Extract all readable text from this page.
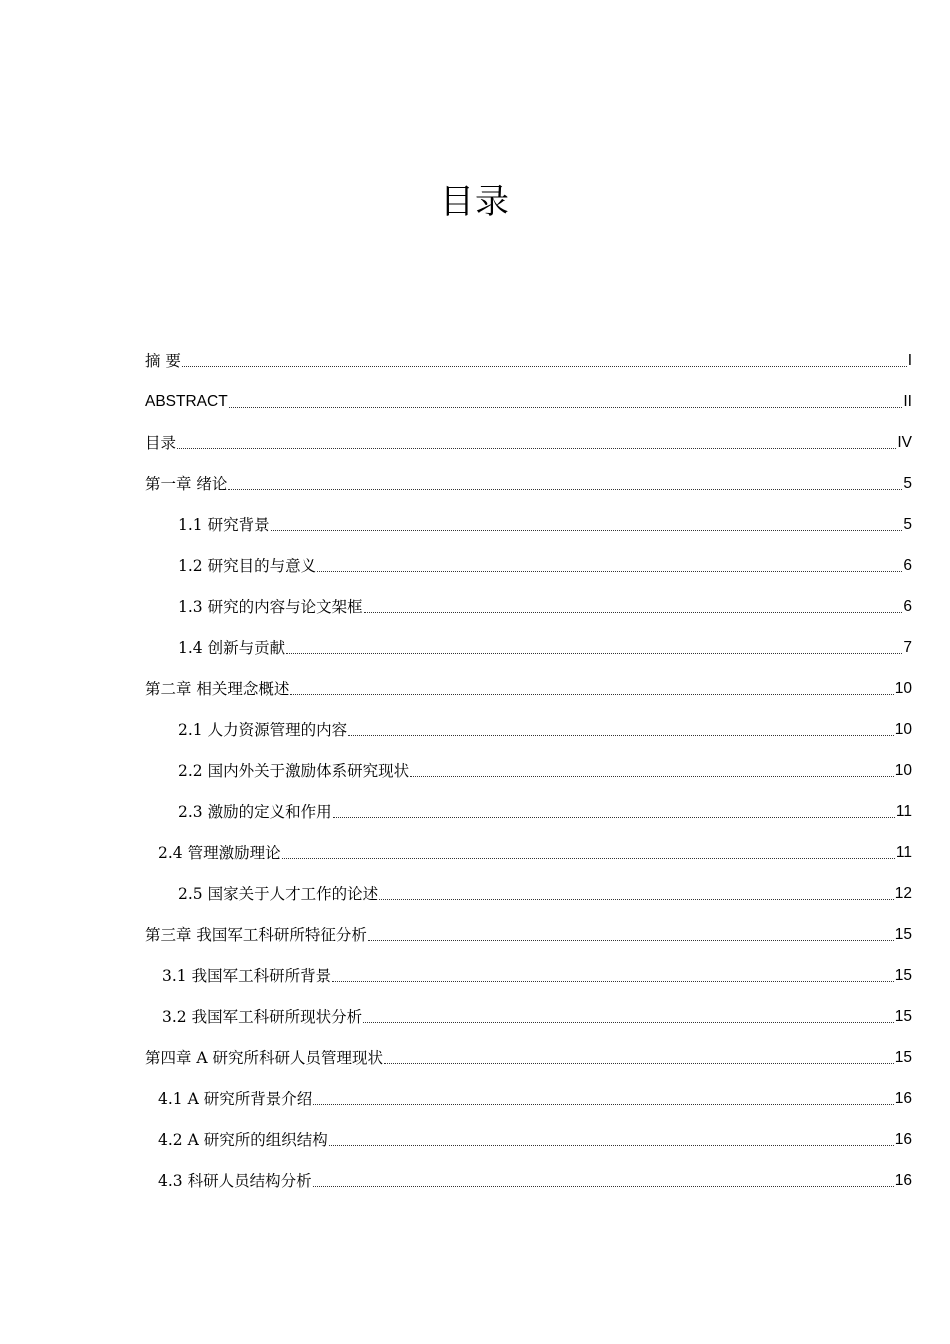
目录
摘 要	I
ABSTRACT	II
目录	IV
第一章 绪论	5
1.1 研究背景	5
1.2 研究目的与意义	6
1.3 研究的内容与论文架框	6
1.4 创新与贡献	7
第二章 相关理念概述	10
2.1 人力资源管理的内容	10
2.2 国内外关于激励体系研究现状	10
2.3 激励的定义和作用	11
2.4 管理激励理论	11
2.5 国家关于人才工作的论述	12
第三章 我国军工科研所特征分析	15
3.1 我国军工科研所背景	15
3.2 我国军工科研所现状分析	15
第四章 A 研究所科研人员管理现状	15
4.1 A 研究所背景介绍	16
4.2 A 研究所的组织结构	16
4.3 科研人员结构分析	16
